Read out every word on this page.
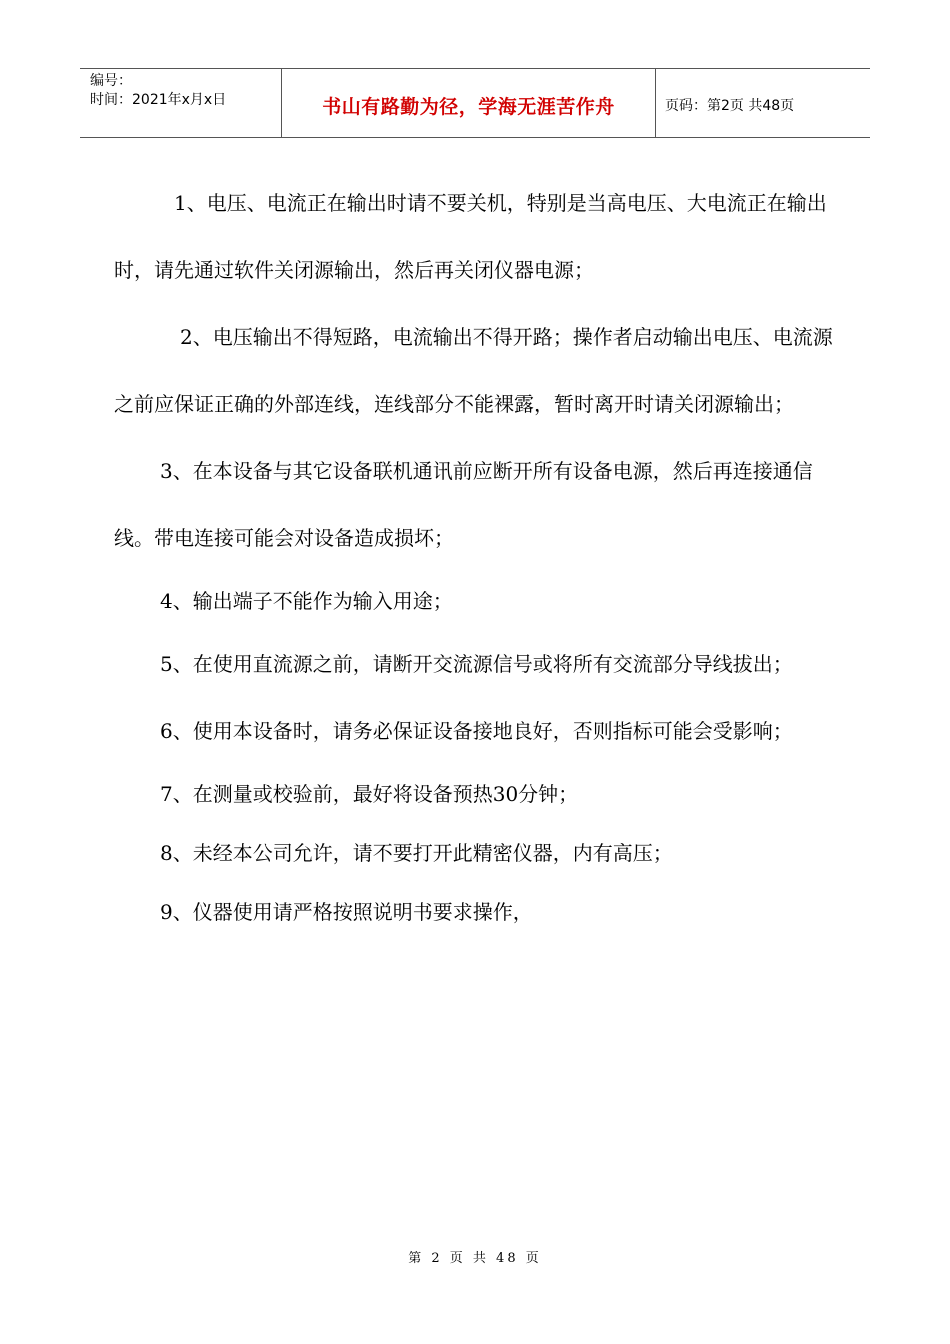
编号：
时间：2021年x月x日	书山有路勤为径，学海无涯苦作舟	页码：第2页 共48页

1、电压、电流正在输出时请不要关机，特别是当高电压、大电流正在输出时，请先通过软件关闭源输出，然后再关闭仪器电源；

2、电压输出不得短路，电流输出不得开路；操作者启动输出电压、电流源之前应保证正确的外部连线，连线部分不能裸露，暂时离开时请关闭源输出；

3、在本设备与其它设备联机通讯前应断开所有设备电源，然后再连接通信线。带电连接可能会对设备造成损坏；

4、输出端子不能作为输入用途；

5、在使用直流源之前，请断开交流源信号或将所有交流部分导线拔出；

6、使用本设备时，请务必保证设备接地良好，否则指标可能会受影响；

7、在测量或校验前，最好将设备预热30分钟；

8、未经本公司允许，请不要打开此精密仪器，内有高压；

9、仪器使用请严格按照说明书要求操作，

第 2 页 共 48 页
